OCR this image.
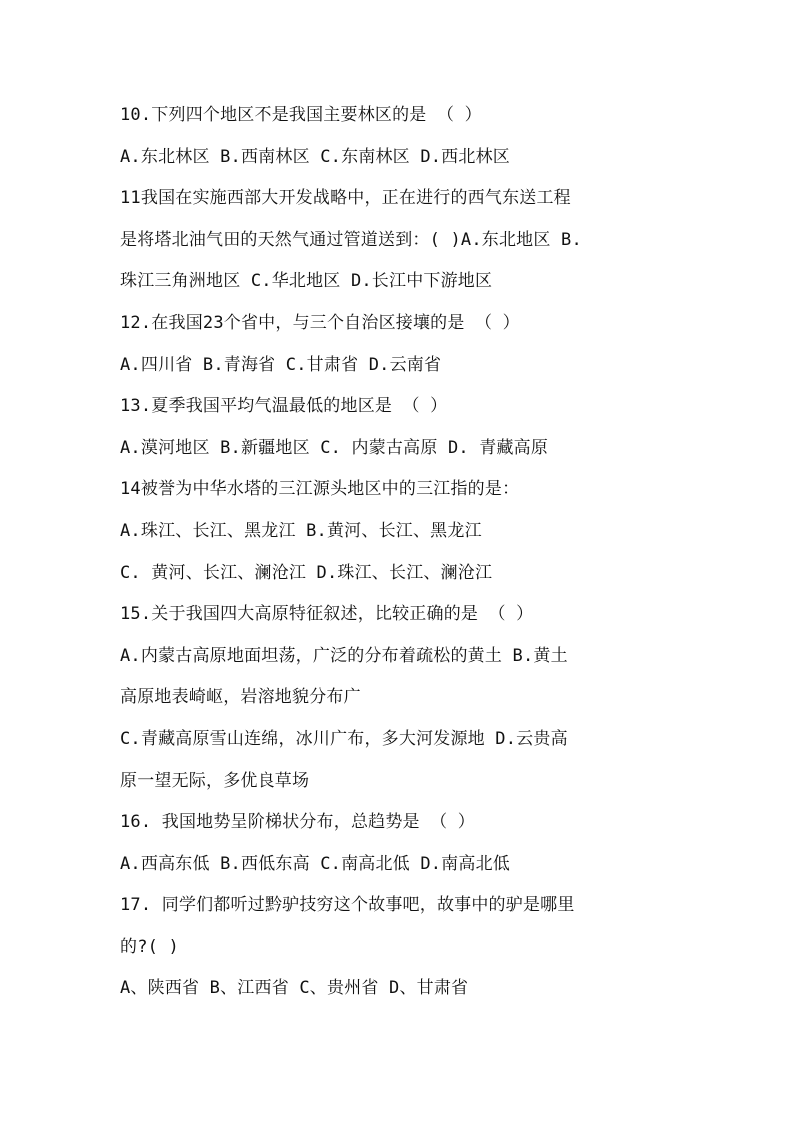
10.下列四个地区不是我国主要林区的是 （ ）
A.东北林区 B.西南林区 C.东南林区 D.西北林区
11我国在实施西部大开发战略中，正在进行的西气东送工程
是将塔北油气田的天然气通过管道送到：( )A.东北地区 B.
珠江三角洲地区 C.华北地区 D.长江中下游地区
12.在我国23个省中，与三个自治区接壤的是 （ ）
A.四川省 B.青海省 C.甘肃省 D.云南省
13.夏季我国平均气温最低的地区是 （ ）
A.漠河地区 B.新疆地区 C. 内蒙古高原 D. 青藏高原
14被誉为中华水塔的三江源头地区中的三江指的是：
A.珠江、长江、黑龙江 B.黄河、长江、黑龙江
C. 黄河、长江、澜沧江 D.珠江、长江、澜沧江
15.关于我国四大高原特征叙述，比较正确的是 （ ）
A.内蒙古高原地面坦荡，广泛的分布着疏松的黄土 B.黄土
高原地表崎岖，岩溶地貌分布广
C.青藏高原雪山连绵，冰川广布，多大河发源地 D.云贵高
原一望无际，多优良草场
16. 我国地势呈阶梯状分布，总趋势是 （ ）
A.西高东低 B.西低东高 C.南高北低 D.南高北低
17. 同学们都听过黔驴技穷这个故事吧，故事中的驴是哪里
的?( )
A、陕西省 B、江西省 C、贵州省 D、甘肃省
